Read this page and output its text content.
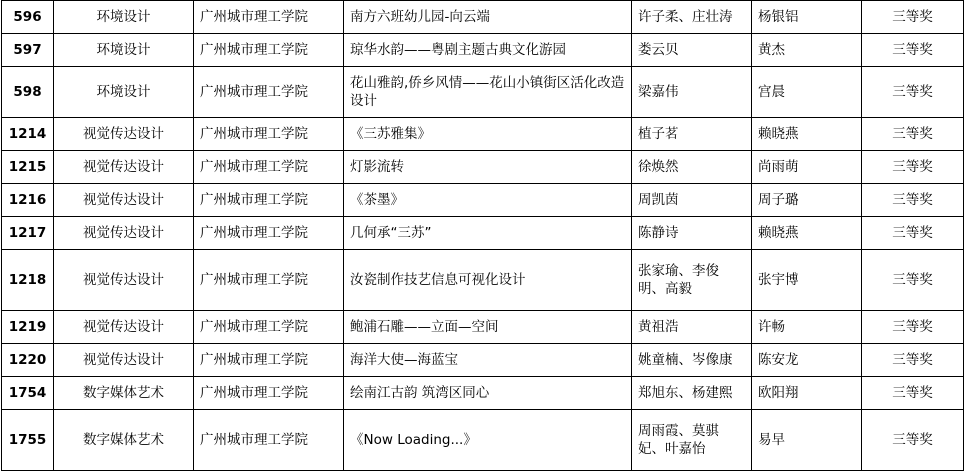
596	环境设计	广州城市理工学院	南方六班幼儿园-向云端	许子柔、庄壮涛	杨银铝	三等奖
597	环境设计	广州城市理工学院	琼华水韵——粤剧主题古典文化游园	娄云贝	黄杰	三等奖
598	环境设计	广州城市理工学院	花山雅韵,侨乡风情——花山小镇街区活化改造设计	梁嘉伟	宫晨	三等奖
1214	视觉传达设计	广州城市理工学院	《三苏雅集》	植子茗	赖晓燕	三等奖
1215	视觉传达设计	广州城市理工学院	灯影流转	徐焕然	尚雨萌	三等奖
1216	视觉传达设计	广州城市理工学院	《茶墨》	周凯茵	周子璐	三等奖
1217	视觉传达设计	广州城市理工学院	几何承“三苏”	陈静诗	赖晓燕	三等奖
1218	视觉传达设计	广州城市理工学院	汝瓷制作技艺信息可视化设计	张家瑜、李俊明、高毅	张宇博	三等奖
1219	视觉传达设计	广州城市理工学院	鲍浦石雕——立面—空间	黄祖浩	许畅	三等奖
1220	视觉传达设计	广州城市理工学院	海洋大使—海蓝宝	姚童楠、岑像康	陈安龙	三等奖
1754	数字媒体艺术	广州城市理工学院	绘南江古韵 筑湾区同心	郑旭东、杨建熙	欧阳翔	三等奖
1755	数字媒体艺术	广州城市理工学院	《Now Loading...》	周雨霞、莫骐妃、叶嘉怡	易早	三等奖
